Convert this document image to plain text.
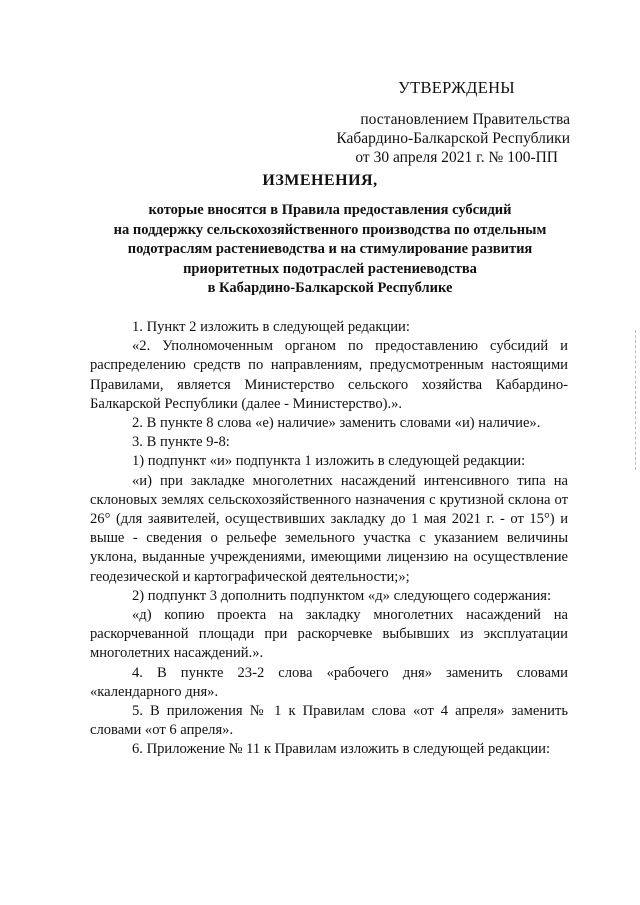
УТВЕРЖДЕНЫ
постановлением Правительства
Кабардино-Балкарской Республики
от 30 апреля 2021 г. № 100-ПП
ИЗМЕНЕНИЯ,
которые вносятся в Правила предоставления субсидий
на поддержку сельскохозяйственного производства по отдельным
подотраслям растениеводства и на стимулирование развития
приоритетных подотраслей растениеводства
в Кабардино-Балкарской Республике

1. Пункт 2 изложить в следующей редакции:

«2. Уполномоченным органом по предоставлению субсидий и распределению средств по направлениям, предусмотренным настоящими Правилами, является Министерство сельского хозяйства Кабардино-Балкарской Республики (далее - Министерство).».

2. В пункте 8 слова «е) наличие» заменить словами «и) наличие».

3. В пункте 9-8:

1) подпункт «и» подпункта 1 изложить в следующей редакции:

«и) при закладке многолетних насаждений интенсивного типа на склоновых землях сельскохозяйственного назначения с крутизной склона от 26° (для заявителей, осуществивших закладку до 1 мая 2021 г. - от 15°) и выше - сведения о рельефе земельного участка с указанием величины уклона, выданные учреждениями, имеющими лицензию на осуществление геодезической и картографической деятельности;»;

2) подпункт 3 дополнить подпунктом «д» следующего содержания:

«д) копию проекта на закладку многолетних насаждений на раскорчеванной площади при раскорчевке выбывших из эксплуатации многолетних насаждений.».

4. В пункте 23-2 слова «рабочего дня» заменить словами «календарного дня».

5. В приложения № 1 к Правилам слова «от 4 апреля» заменить словами «от 6 апреля».

6. Приложение № 11 к Правилам изложить в следующей редакции:
